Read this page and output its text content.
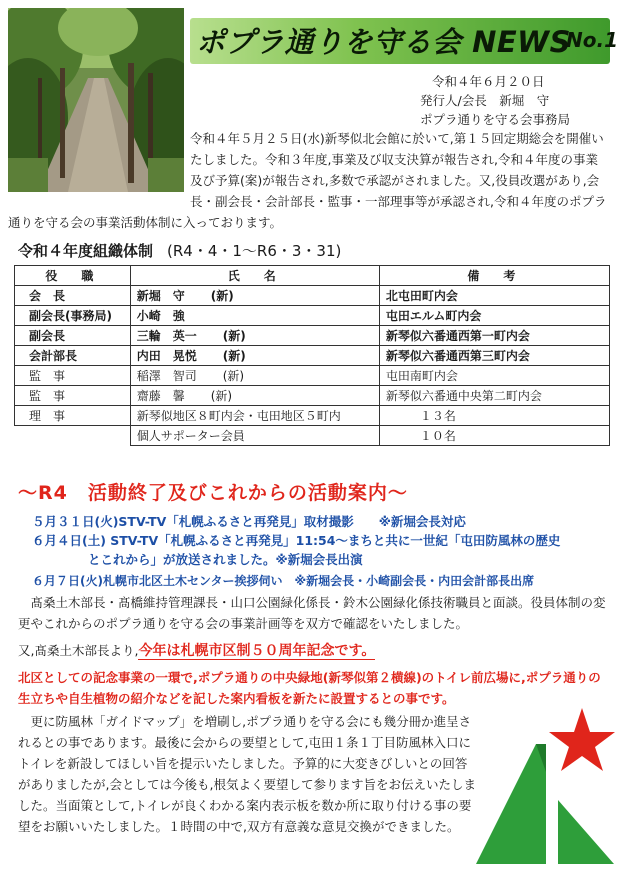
ポプラ通りを守る会 NEWS
No.1
令和４年６月２０日
発行人/会長　新堀　守
ポプラ通りを守る会事務局

令和４年５月２５日(水)新琴似北会館に於いて,第１５回定期総会を開催いたしました。令和３年度,事業及び収支決算が報告され,令和４年度の事業及び予算(案)が報告され,多数で承認がされました。又,役員改選があり,会長・副会長・会計部長・監事・一部理事等が承認され,令和４年度のポプラ通りを守る会の事業活動体制に入っております。

令和４年度組織体制 (R4・4・1〜R6・3・31)
役　職	氏　名	備　考
会　長	新堀　守 (新)	北屯田町内会
副会長(事務局)	小崎　強	屯田エルム町内会
副会長	三輪　英一 (新)	新琴似六番通西第一町内会
会計部長	内田　晃悦 (新)	新琴似六番通西第三町内会
監　事	稲澤　智司 (新)	屯田南町内会
監　事	齋藤　馨 (新)	新琴似六番通中央第二町内会
理　事	新琴似地区８町内会・屯田地区５町内	１３名
	個人サポーター会員	１０名
〜R4　活動終了及びこれからの活動案内〜
５月３１日(火)STV-TV「札幌ふるさと再発見」取材撮影　　※新堀会長対応
６月４日(土) STV-TV「札幌ふるさと再発見」11:54〜まちと共に一世紀「屯田防風林の歴史
とこれから」が放送されました。※新堀会長出演
６月７日(火)札幌市北区土木センター挨拶伺い　※新堀会長・小崎副会長・内田会計部長出席

髙桑土木部長・髙橋維持管理課長・山口公園緑化係長・鈴木公園緑化係技術職員と面談。役員体制の変更やこれからのポプラ通りを守る会の事業計画等を双方で確認をいたしました。

又,髙桑土木部長より,今年は札幌市区制５０周年記念です。

北区としての記念事業の一環で,ポプラ通りの中央緑地(新琴似第２横線)のトイレ前広場に,ポプラ通りの生立ちや自生植物の紹介などを記した案内看板を新たに設置するとの事です。

更に防風林「ガイドマップ」を増刷し,ポプラ通りを守る会にも幾分冊か進呈されるとの事であります。最後に会からの要望として,屯田１条１丁目防風林入口にトイレを新設してほしい旨を提示いたしました。予算的に大変きびしいとの回答がありましたが,会としては今後も,根気よく要望して参ります旨をお伝えいたしました。当面策として,トイレが良くわかる案内表示板を数か所に取り付ける事の要望をお願いいたしました。１時間の中で,双方有意義な意見交換ができました。
